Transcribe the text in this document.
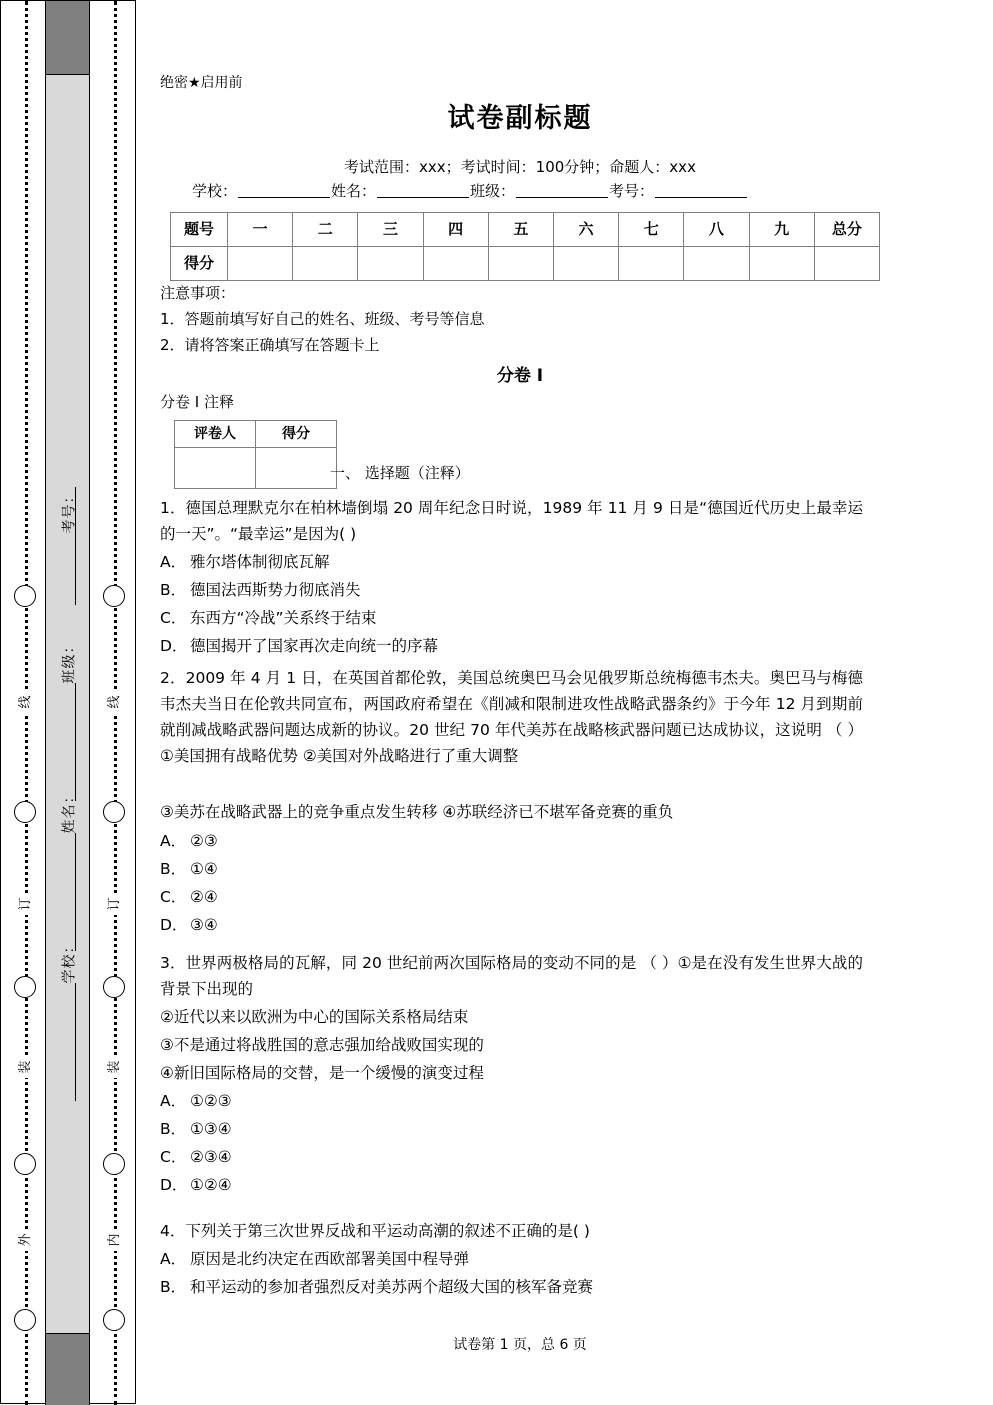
线
订
装
外
线
订
装
内
考号：
班级：
姓名：
学校：
绝密★启用前
试卷副标题
考试范围：xxx；考试时间：100分钟；命题人：xxx
学校：	姓名：	班级：	考号：
题号	一	二	三	四	五	六	七	八	九	总分
得分										
注意事项：
1．答题前填写好自己的姓名、班级、考号等信息
2．请将答案正确填写在答题卡上
分卷 I
分卷 I 注释
评卷人	得分

一、 选择题（注释）
1．德国总理默克尔在柏林墙倒塌 20 周年纪念日时说，1989 年 11 月 9 日是“德国近代历史上最幸运的一天”。“最幸运”是因为( )
A． 雅尔塔体制彻底瓦解
B． 德国法西斯势力彻底消失
C． 东西方“冷战”关系终于结束
D． 德国揭开了国家再次走向统一的序幕
2．2009 年 4 月 1 日，在英国首都伦敦，美国总统奥巴马会见俄罗斯总统梅德韦杰夫。奥巴马与梅德韦杰夫当日在伦敦共同宣布，两国政府希望在《削减和限制进攻性战略武器条约》于今年 12 月到期前就削减战略武器问题达成新的协议。20 世纪 70 年代美苏在战略核武器问题已达成协议，这说明 （ ） ①美国拥有战略优势 ②美国对外战略进行了重大调整
③美苏在战略武器上的竞争重点发生转移 ④苏联经济已不堪军备竞赛的重负
A． ②③
B． ①④
C． ②④
D． ③④
3．世界两极格局的瓦解，同 20 世纪前两次国际格局的变动不同的是 （ ）①是在没有发生世界大战的背景下出现的
②近代以来以欧洲为中心的国际关系格局结束
③不是通过将战胜国的意志强加给战败国实现的
④新旧国际格局的交替，是一个缓慢的演变过程
A． ①②③
B． ①③④
C． ②③④
D． ①②④
4．下列关于第三次世界反战和平运动高潮的叙述不正确的是( )
A． 原因是北约决定在西欧部署美国中程导弹
B． 和平运动的参加者强烈反对美苏两个超级大国的核军备竞赛
试卷第 1 页，总 6 页
